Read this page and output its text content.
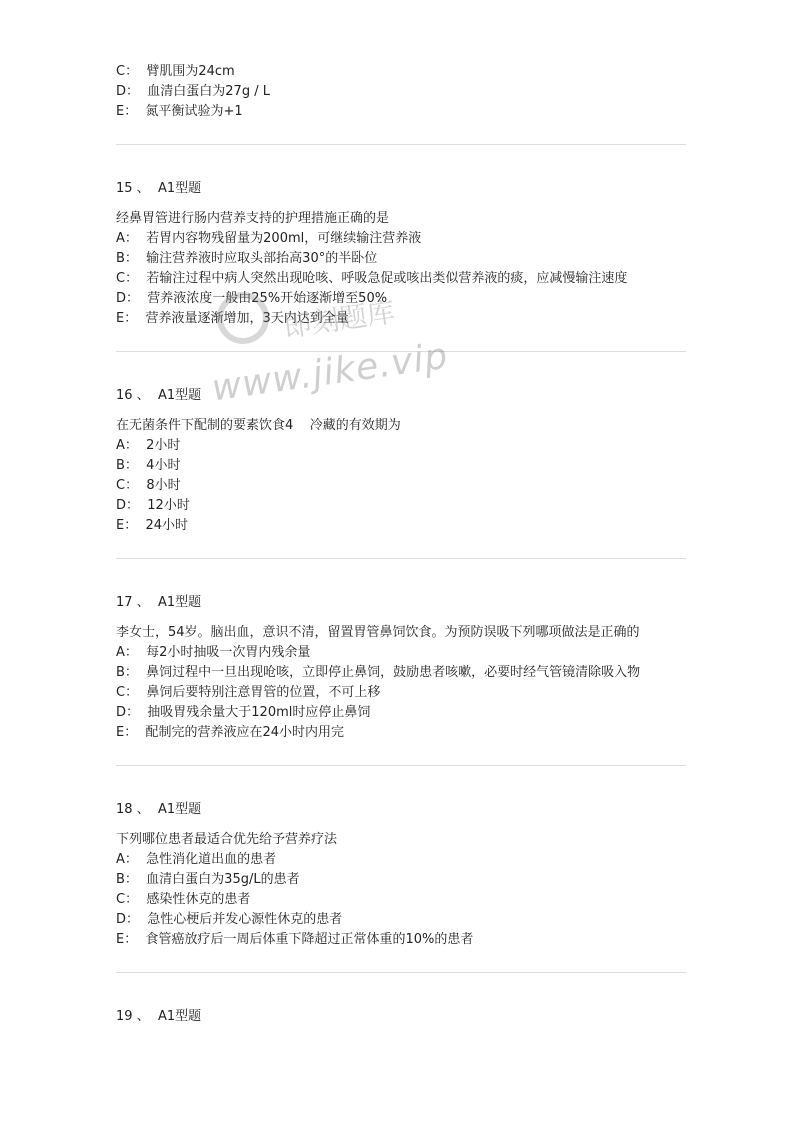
C：  臂肌围为24cm
D：  血清白蛋白为27g / L
E：  氮平衡试验为+1
15 、  A1型题
经鼻胃管进行肠内营养支持的护理措施正确的是
A：  若胃内容物残留量为200ml，可继续输注营养液
B：  输注营养液时应取头部抬高30°的半卧位
C：  若输注过程中病人突然出现呛咳、呼吸急促或咳出类似营养液的痰，应减慢输注速度
D：  营养液浓度一般由25%开始逐渐增至50%
E：  营养液量逐渐增加，3天内达到全量
16 、  A1型题
在无菌条件下配制的要素饮食4    冷藏的有效期为
A：  2小时
B：  4小时
C：  8小时
D：  12小时
E：  24小时
17 、  A1型题
李女士，54岁。脑出血，意识不清，留置胃管鼻饲饮食。为预防误吸下列哪项做法是正确的
A：  每2小时抽吸一次胃内残余量
B：  鼻饲过程中一旦出现呛咳，立即停止鼻饲，鼓励患者咳嗽，必要时经气管镜清除吸入物
C：  鼻饲后要特别注意胃管的位置，不可上移
D：  抽吸胃残余量大于120ml时应停止鼻饲
E：  配制完的营养液应在24小时内用完
18 、  A1型题
下列哪位患者最适合优先给予营养疗法
A：  急性消化道出血的患者
B：  血清白蛋白为35g/L的患者
C：  感染性休克的患者
D：  急性心梗后并发心源性休克的患者
E：  食管癌放疗后一周后体重下降超过正常体重的10%的患者
19 、  A1型题
即刻题库
www.jike.vip
